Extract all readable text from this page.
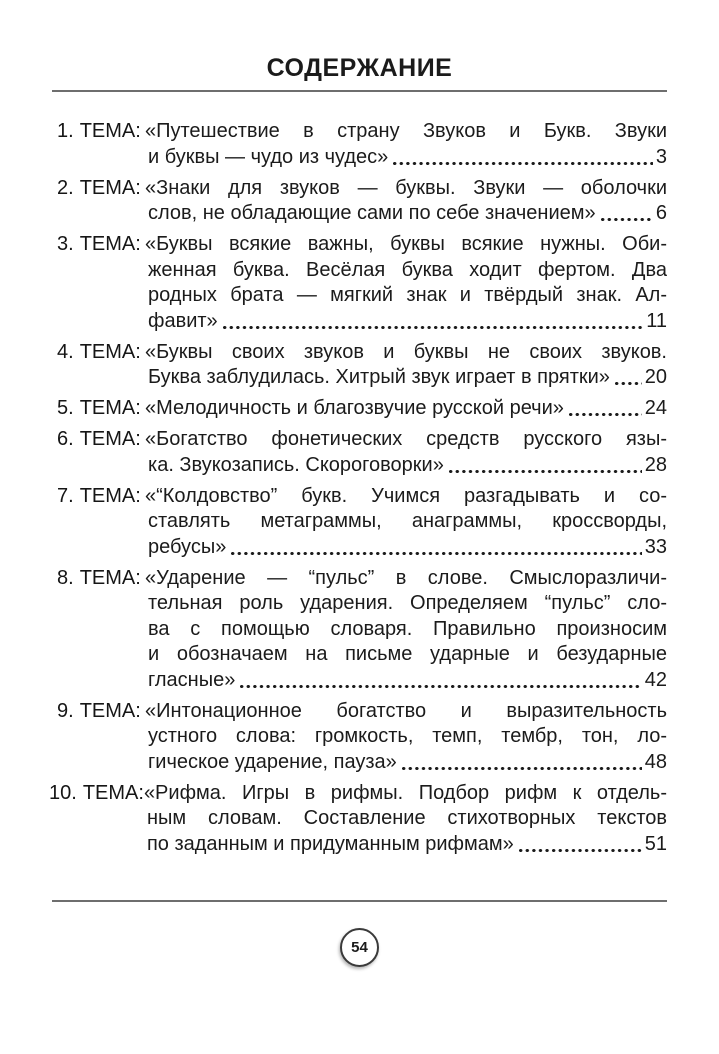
СОДЕРЖАНИЕ
1. ТЕМА: «Путешествие в страну Звуков и Букв. Звуки
и буквы — чудо из чудес»	3
2. ТЕМА: «Знаки для звуков — буквы. Звуки — оболочки
слов, не обладающие сами по себе значением»	6
3. ТЕМА: «Буквы всякие важны, буквы всякие нужны. Оби-
женная буква. Весёлая буква ходит фертом. Два
родных брата — мягкий знак и твёрдый знак. Ал-
фавит»	11
4. ТЕМА: «Буквы своих звуков и буквы не своих звуков.
Буква заблудилась. Хитрый звук играет в прятки» 20
5. ТЕМА: «Мелодичность и благозвучие русской речи»	24
6. ТЕМА: «Богатство фонетических средств русского язы-
ка. Звукозапись. Скороговорки»	28
7. ТЕМА: «“Колдовство” букв. Учимся разгадывать и со-
ставлять метаграммы, анаграммы, кроссворды,
ребусы»	33
8. ТЕМА: «Ударение — “пульс” в слове. Смыслоразличи-
тельная роль ударения. Определяем “пульс” сло-
ва с помощью словаря. Правильно произносим
и обозначаем на письме ударные и безударные
гласные»	42
9. ТЕМА: «Интонационное богатство и выразительность
устного слова: громкость, темп, тембр, тон, ло-
гическое ударение, пауза»	48
10. ТЕМА: «Рифма. Игры в рифмы. Подбор рифм к отдель-
ным словам. Составление стихотворных текстов
по заданным и придуманным рифмам»	51
54
